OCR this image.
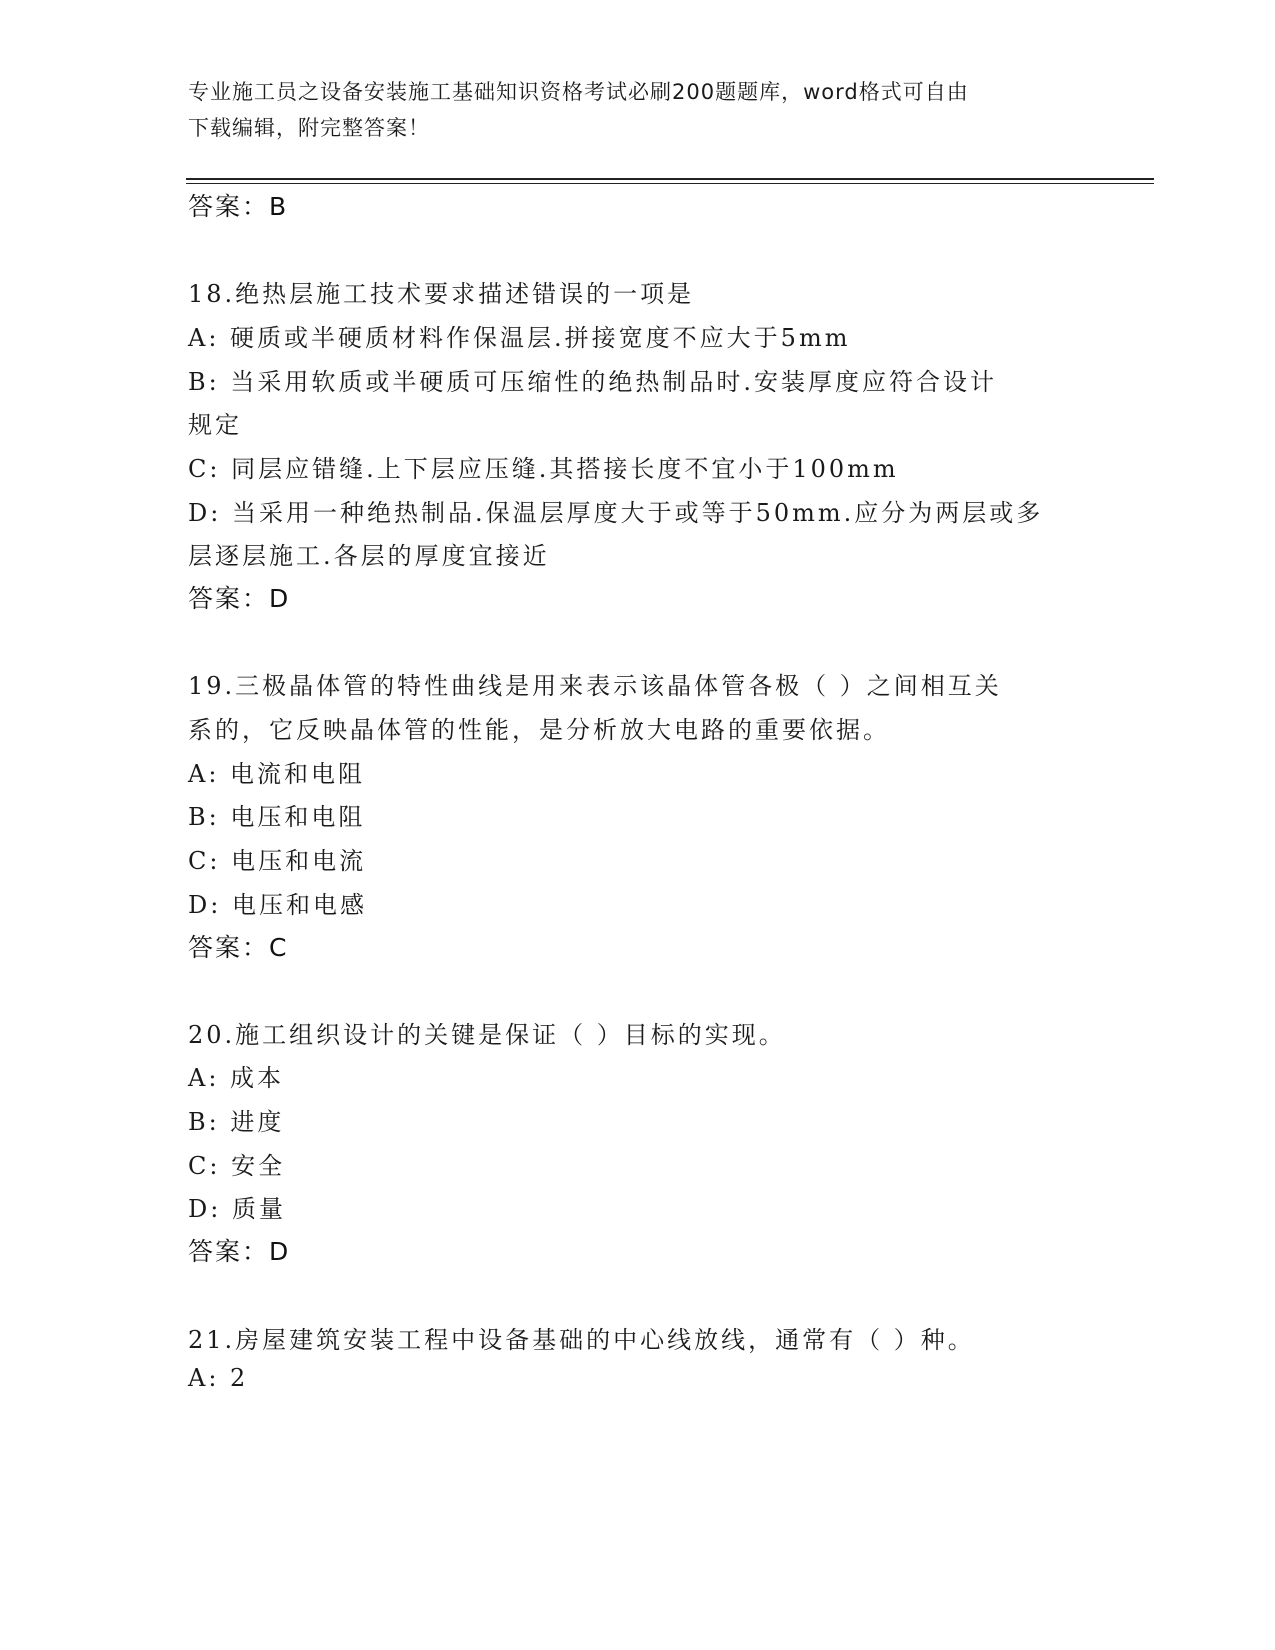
专业施工员之设备安装施工基础知识资格考试必刷200题题库，word格式可自由
下载编辑，附完整答案！
答案：B
18.绝热层施工技术要求描述错误的一项是
A: 硬质或半硬质材料作保温层.拼接宽度不应大于5mm
B: 当采用软质或半硬质可压缩性的绝热制品时.安装厚度应符合设计
规定
C: 同层应错缝.上下层应压缝.其搭接长度不宜小于100mm
D: 当采用一种绝热制品.保温层厚度大于或等于50mm.应分为两层或多
层逐层施工.各层的厚度宜接近
答案：D
19.三极晶体管的特性曲线是用来表示该晶体管各极（ ）之间相互关
系的，它反映晶体管的性能，是分析放大电路的重要依据。
A: 电流和电阻
B: 电压和电阻
C: 电压和电流
D: 电压和电感
答案：C
20.施工组织设计的关键是保证（ ）目标的实现。
A: 成本
B: 进度
C: 安全
D: 质量
答案：D
21.房屋建筑安装工程中设备基础的中心线放线，通常有（ ）种。
A: 2
